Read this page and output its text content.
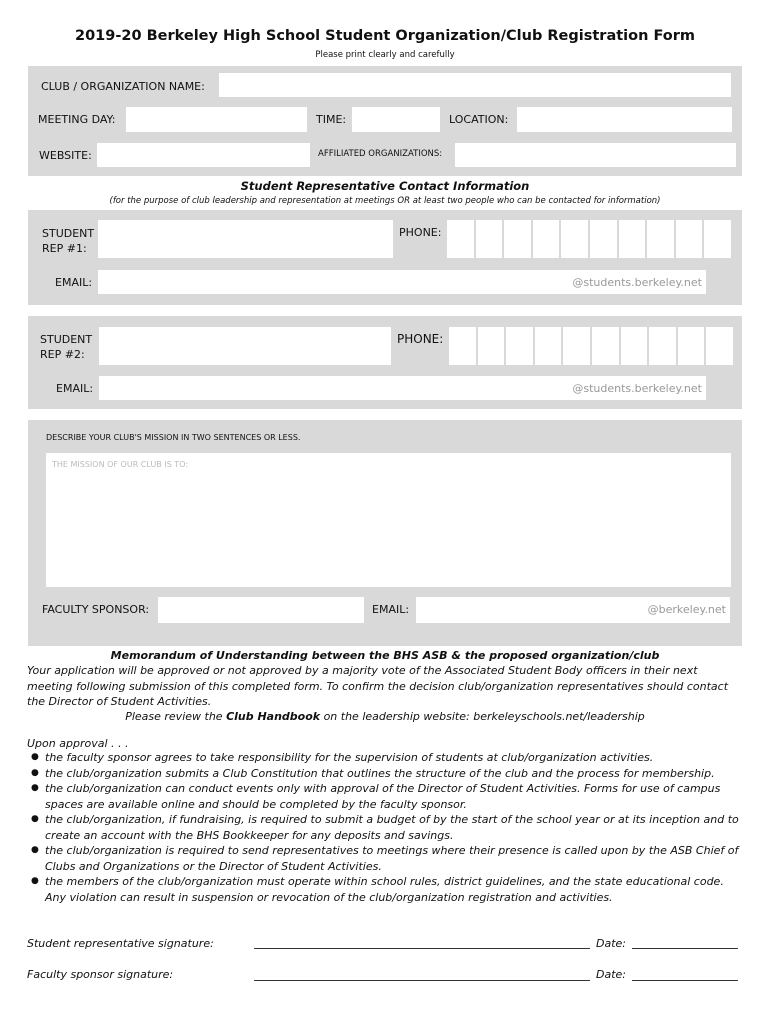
2019-20 Berkeley High School Student Organization/Club Registration Form
Please print clearly and carefully
CLUB / ORGANIZATION NAME:
MEETING DAY:	TIME:	LOCATION:
WEBSITE:	AFFILIATED ORGANIZATIONS:
Student Representative Contact Information
(for the purpose of club leadership and representation at meetings OR at least two people who can be contacted for information)
STUDENT
REP #1:
PHONE:
EMAIL:	@students.berkeley.net
STUDENT
REP #2:
PHONE:
EMAIL:	@students.berkeley.net
DESCRIBE YOUR CLUB'S MISSION IN TWO SENTENCES OR LESS.
THE MISSION OF OUR CLUB IS TO:
FACULTY SPONSOR:	EMAIL:	@berkeley.net
Memorandum of Understanding between the BHS ASB & the proposed organization/club
Your application will be approved or not approved by a majority vote of the Associated Student Body officers in their next meeting following submission of this completed form. To confirm the decision club/organization representatives should contact the Director of Student Activities.
Please review the Club Handbook on the leadership website: berkeleyschools.net/leadership
Upon approval . . .
● the faculty sponsor agrees to take responsibility for the supervision of students at club/organization activities.
● the club/organization submits a Club Constitution that outlines the structure of the club and the process for membership.
● the club/organization can conduct events only with approval of the Director of Student Activities. Forms for use of campus spaces are available online and should be completed by the faculty sponsor.
● the club/organization, if fundraising, is required to submit a budget of by the start of the school year or at its inception and to create an account with the BHS Bookkeeper for any deposits and savings.
● the club/organization is required to send representatives to meetings where their presence is called upon by the ASB Chief of Clubs and Organizations or the Director of Student Activities.
● the members of the club/organization must operate within school rules, district guidelines, and the state educational code. Any violation can result in suspension or revocation of the club/organization registration and activities.
Student representative signature:	Date:
Faculty sponsor signature:	Date:
